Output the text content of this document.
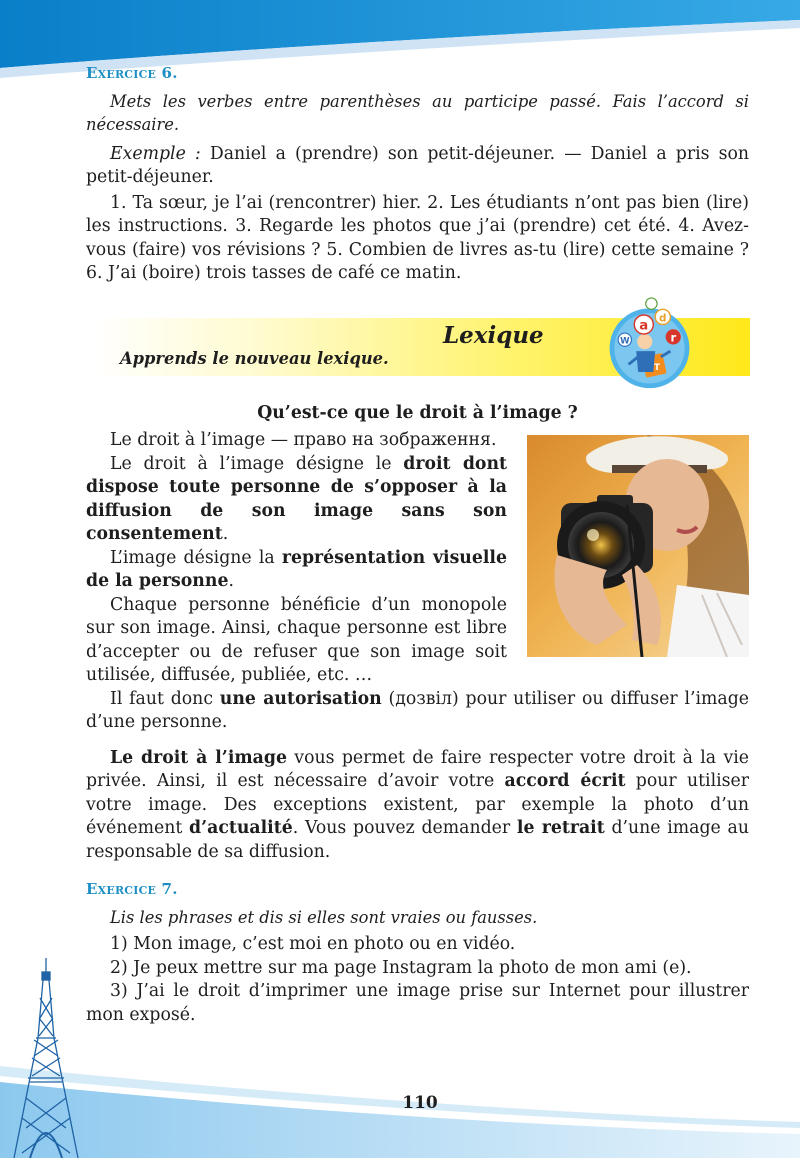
Exercice 6.

Mets les verbes entre parenthèses au participe passé. Fais l’accord si nécessaire.

Exemple : Daniel a (prendre) son petit-déjeuner. — Daniel a pris son petit-déjeuner.

1. Ta sœur, je l’ai (rencontrer) hier. 2. Les étudiants n’ont pas bien (lire) les instructions. 3. Regarde les photos que j’ai (prendre) cet été. 4. Avez-vous (faire) vos révisions ? 5. Combien de livres as-tu (lire) cette semaine ? 6. J’ai (boire) trois tasses de café ce matin.

Lexique
Apprends le nouveau lexique.
a d
r
W
T

Qu’est-ce que le droit à l’image ?

Le droit à l’image — право на зображення.

Le droit à l’image désigne le droit dont dispose toute personne de s’opposer à la diffusion de son image sans son consentement.

L’image désigne la représentation visuelle de la personne.

Chaque personne bénéficie d’un monopole sur son image. Ainsi, chaque personne est libre d’accepter ou de refuser que son image soit utilisée, diffusée, publiée, etc. …

Il faut donc une autorisation (дозвіл) pour utiliser ou diffuser l’image d’une personne.

Le droit à l’image vous permet de faire respecter votre droit à la vie privée. Ainsi, il est nécessaire d’avoir votre accord écrit pour utiliser votre image. Des exceptions existent, par exemple la photo d’un événement d’actualité. Vous pouvez demander le retrait d’une image au responsable de sa diffusion.

Exercice 7.

Lis les phrases et dis si elles sont vraies ou fausses.

1) Mon image, c’est moi en photo ou en vidéo.

2) Je peux mettre sur ma page Instagram la photo de mon ami (e).

3) J’ai le droit d’imprimer une image prise sur Internet pour illustrer mon exposé.

110
